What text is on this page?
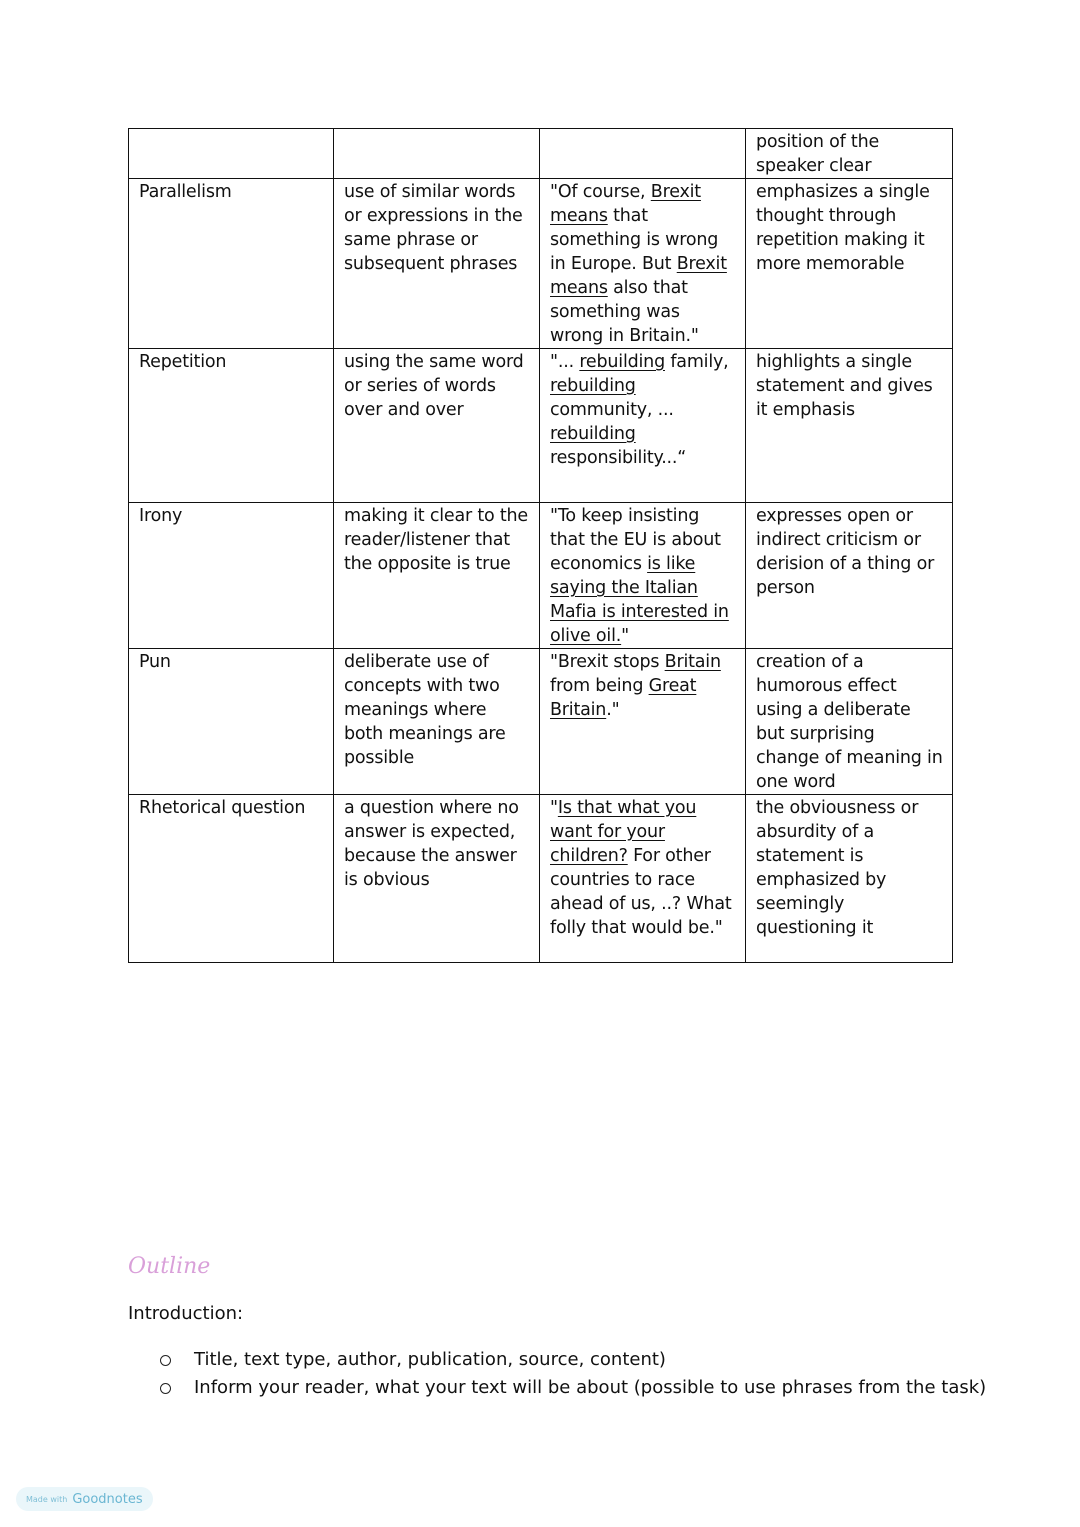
			position of the speaker clear
Parallelism	use of similar words or expressions in the same phrase or subsequent phrases	"Of course, Brexit means that something is wrong in Europe. But Brexit means also that something was wrong in Britain."	emphasizes a single thought through repetition making it more memorable
Repetition	using the same word or series of words over and over	"... rebuilding family, rebuilding community, ... rebuilding responsibility...“	highlights a single statement and gives it emphasis
Irony	making it clear to the reader/listener that the opposite is true	"To keep insisting that the EU is about economics is like saying the Italian Mafia is interested in olive oil."	expresses open or indirect criticism or derision of a thing or person
Pun	deliberate use of concepts with two meanings where both meanings are possible	"Brexit stops Britain from being Great Britain."	creation of a humorous effect using a deliberate but surprising change of meaning in one word
Rhetorical question	a question where no answer is expected, because the answer is obvious	"Is that what you want for your children? For other countries to race ahead of us, ..? What folly that would be."	the obviousness or absurdity of a statement is emphasized by seemingly questioning it
Outline
Introduction:
Title, text type, author, publication, source, content)
Inform your reader, what your text will be about (possible to use phrases from the task)
Made with Goodnotes
